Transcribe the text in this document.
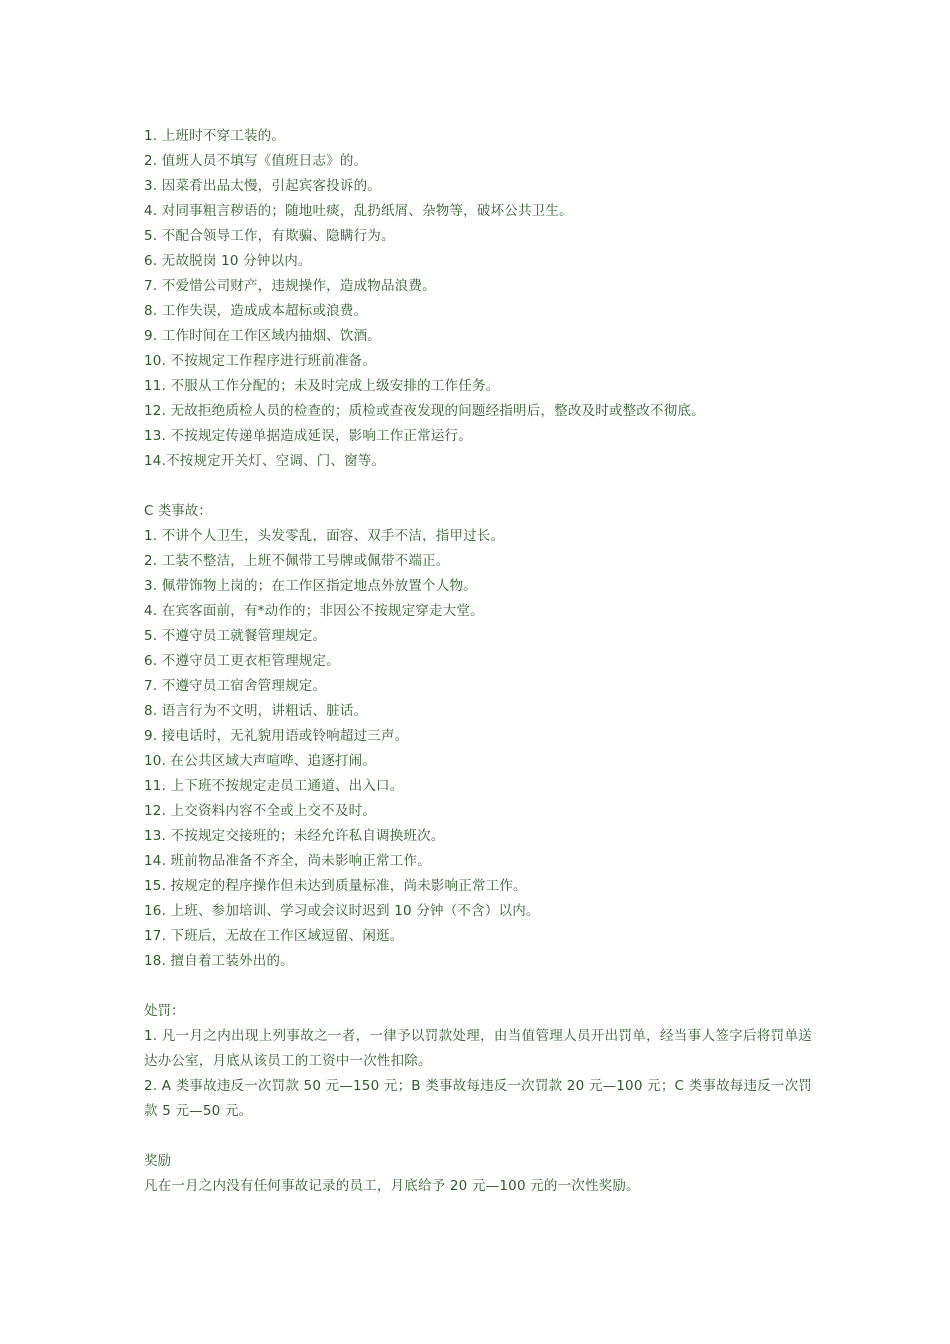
1. 上班时不穿工装的。
2. 值班人员不填写《值班日志》的。
3. 因菜肴出品太慢，引起宾客投诉的。
4. 对同事粗言秽语的；随地吐痰，乱扔纸屑、杂物等，破坏公共卫生。
5. 不配合领导工作，有欺骗、隐瞒行为。
6. 无故脱岗 10 分钟以内。
7. 不爱惜公司财产，违规操作，造成物品浪费。
8. 工作失误，造成成本超标或浪费。
9. 工作时间在工作区域内抽烟、饮酒。
10. 不按规定工作程序进行班前准备。
11. 不服从工作分配的；未及时完成上级安排的工作任务。
12. 无故拒绝质检人员的检查的；质检或查夜发现的问题经指明后，整改及时或整改不彻底。
13. 不按规定传递单据造成延误，影响工作正常运行。
14.不按规定开关灯、空调、门、窗等。
C 类事故：
1. 不讲个人卫生，头发零乱，面容、双手不洁，指甲过长。
2. 工装不整洁，上班不佩带工号牌或佩带不端正。
3. 佩带饰物上岗的；在工作区指定地点外放置个人物。
4. 在宾客面前，有*动作的；非因公不按规定穿走大堂。
5. 不遵守员工就餐管理规定。
6. 不遵守员工更衣柜管理规定。
7. 不遵守员工宿舍管理规定。
8. 语言行为不文明，讲粗话、脏话。
9. 接电话时，无礼貌用语或铃响超过三声。
10. 在公共区域大声喧哗、追逐打闹。
11. 上下班不按规定走员工通道、出入口。
12. 上交资料内容不全或上交不及时。
13. 不按规定交接班的；未经允许私自调换班次。
14. 班前物品准备不齐全，尚未影响正常工作。
15. 按规定的程序操作但未达到质量标准，尚未影响正常工作。
16. 上班、参加培训、学习或会议时迟到 10 分钟（不含）以内。
17. 下班后，无故在工作区域逗留、闲逛。
18. 擅自着工装外出的。
处罚：
1. 凡一月之内出现上列事故之一者，一律予以罚款处理，由当值管理人员开出罚单，经当事人签字后将罚单送达办公室，月底从该员工的工资中一次性扣除。
2. A 类事故违反一次罚款 50 元—150 元；B 类事故每违反一次罚款 20 元—100 元；C 类事故每违反一次罚款 5 元—50 元。
奖励
凡在一月之内没有任何事故记录的员工，月底给予 20 元—100 元的一次性奖励。
